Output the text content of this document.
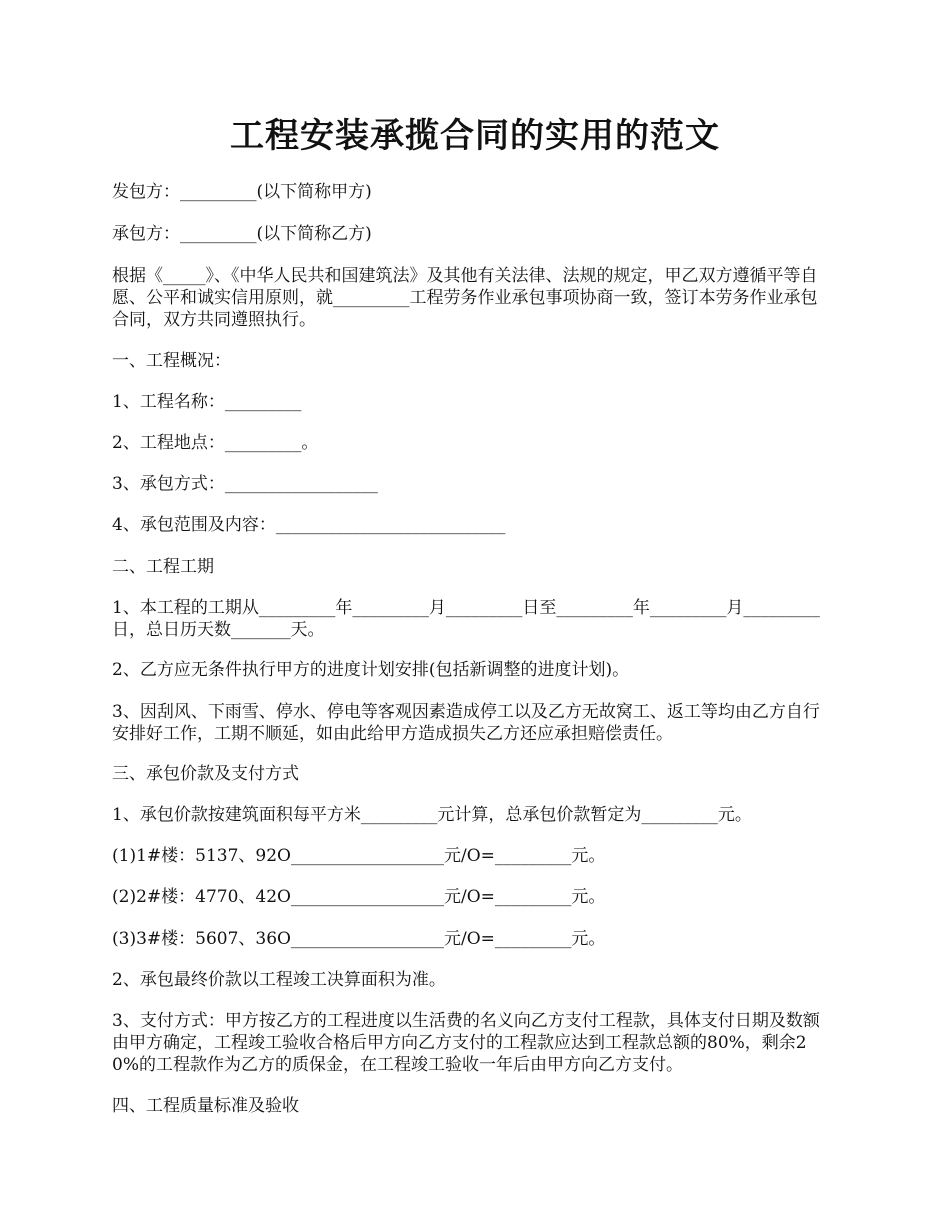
工程安装承揽合同的实用的范文

发包方：_________(以下简称甲方)

承包方：_________(以下简称乙方)

根据《_____》、《中华人民共和国建筑法》及其他有关法律、法规的规定，甲乙双方遵循平等自愿、公平和诚实信用原则，就_________工程劳务作业承包事项协商一致，签订本劳务作业承包合同，双方共同遵照执行。

一、工程概况：

1、工程名称：_________

2、工程地点：_________。

3、承包方式：__________________

4、承包范围及内容：___________________________

二、工程工期

1、本工程的工期从_________年_________月_________日至_________年_________月_________日，总日历天数_______天。

2、乙方应无条件执行甲方的进度计划安排(包括新调整的进度计划)。

3、因刮风、下雨雪、停水、停电等客观因素造成停工以及乙方无故窝工、返工等均由乙方自行安排好工作，工期不顺延，如由此给甲方造成损失乙方还应承担赔偿责任。

三、承包价款及支付方式

1、承包价款按建筑面积每平方米_________元计算，总承包价款暂定为_________元。

(1)1#楼：5137、92O__________________元/O=_________元。

(2)2#楼：4770、42O__________________元/O=_________元。

(3)3#楼：5607、36O__________________元/O=_________元。

2、承包最终价款以工程竣工决算面积为准。

3、支付方式：甲方按乙方的工程进度以生活费的名义向乙方支付工程款，具体支付日期及数额由甲方确定，工程竣工验收合格后甲方向乙方支付的工程款应达到工程款总额的80%，剩余20%的工程款作为乙方的质保金，在工程竣工验收一年后由甲方向乙方支付。

四、工程质量标准及验收
